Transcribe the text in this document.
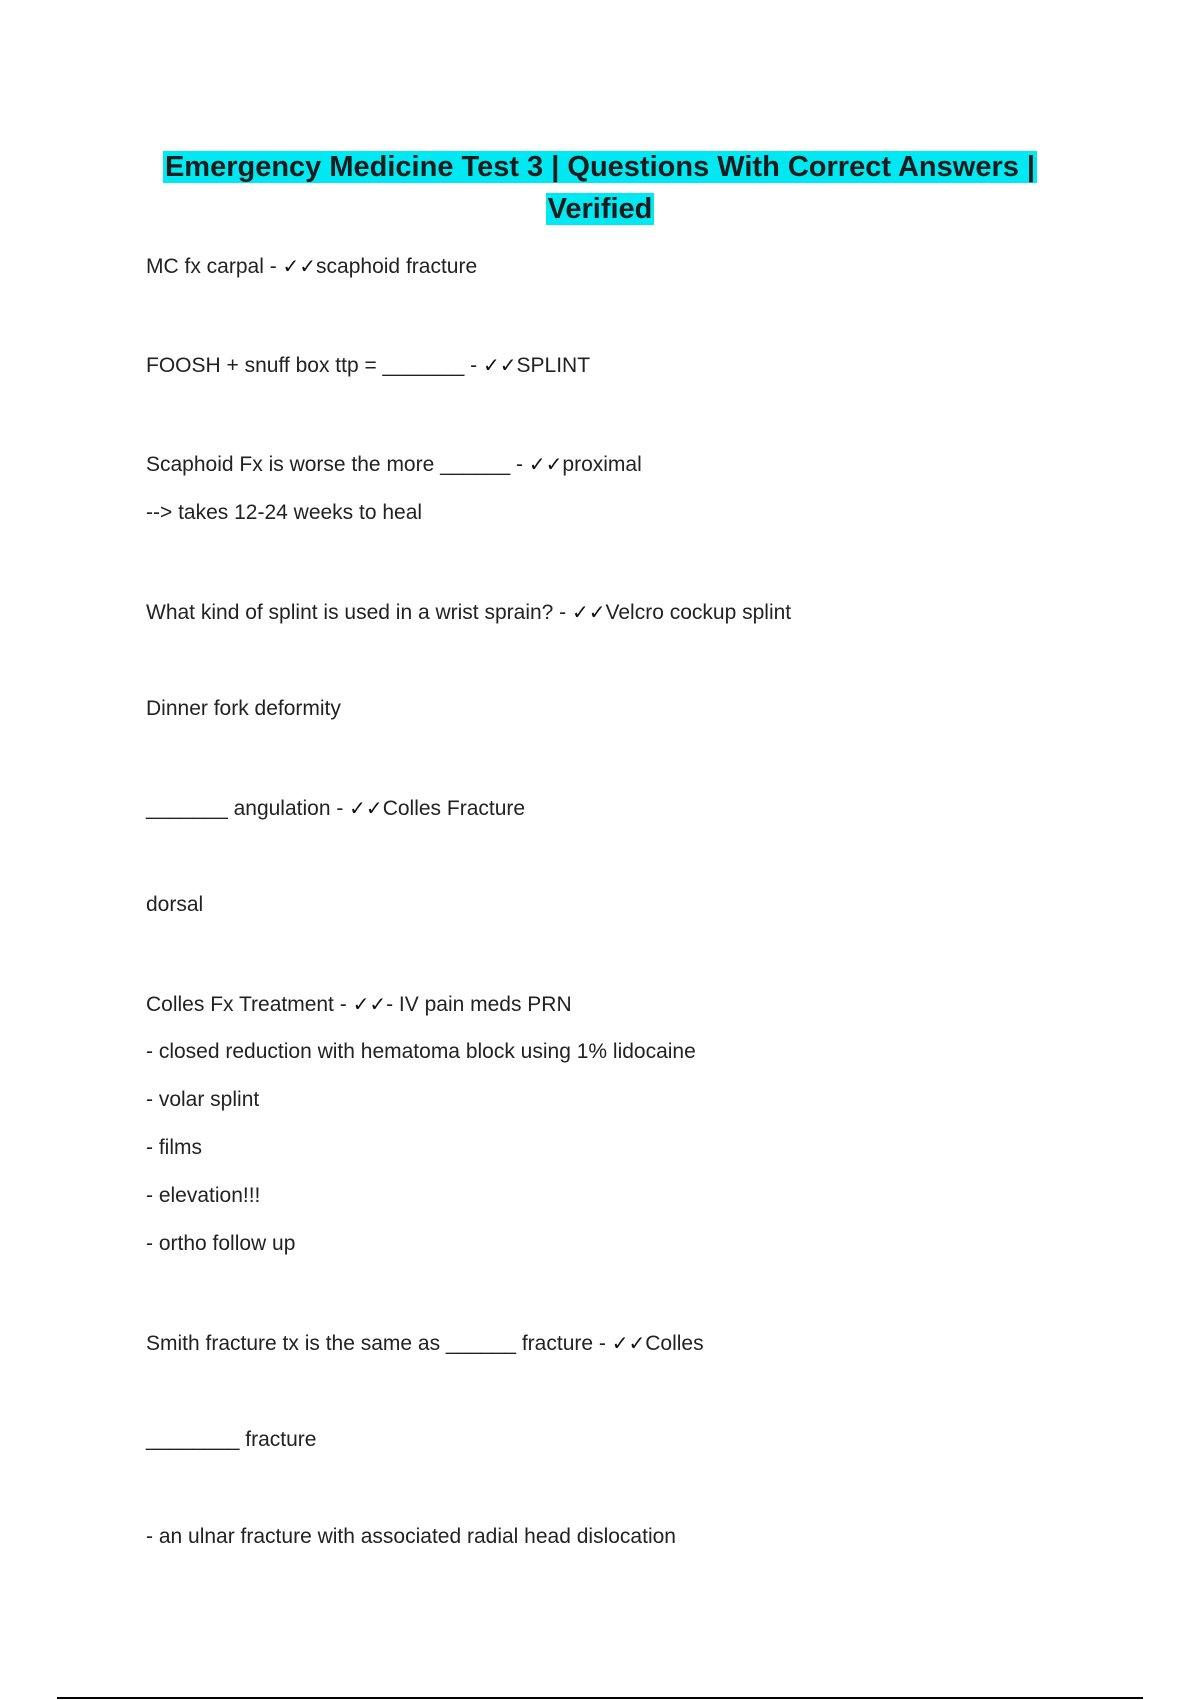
Emergency Medicine Test 3 | Questions With Correct Answers |
Verified

MC fx carpal - ✓✓scaphoid fracture

FOOSH + snuff box ttp = _______ - ✓✓SPLINT

Scaphoid Fx is worse the more ______ - ✓✓proximal

--> takes 12-24 weeks to heal

What kind of splint is used in a wrist sprain? - ✓✓Velcro cockup splint

Dinner fork deformity

_______ angulation - ✓✓Colles Fracture

dorsal

Colles Fx Treatment - ✓✓- IV pain meds PRN

- closed reduction with hematoma block using 1% lidocaine

- volar splint

- films

- elevation!!!

- ortho follow up

Smith fracture tx is the same as ______ fracture - ✓✓Colles

________ fracture

- an ulnar fracture with associated radial head dislocation
